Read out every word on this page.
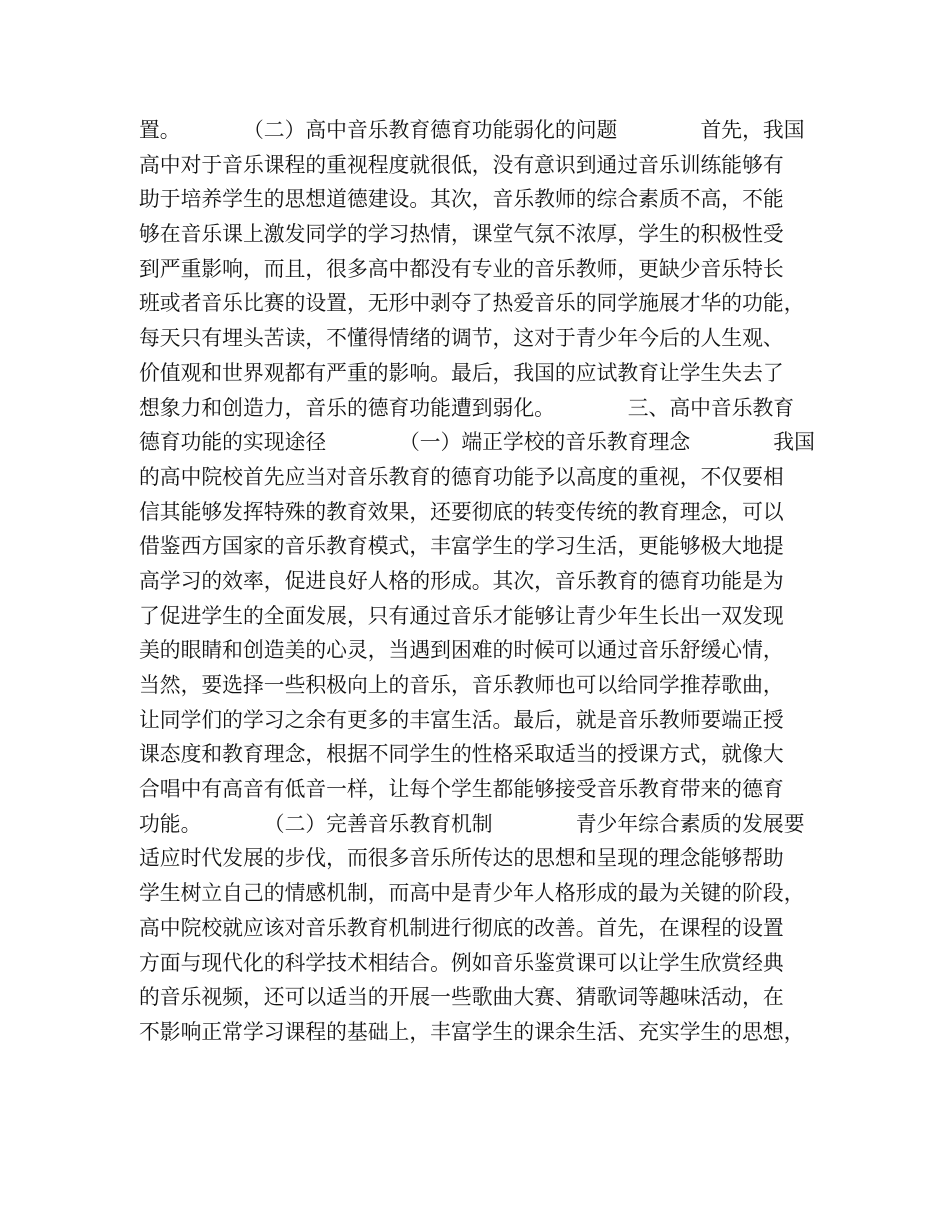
置。　　　　（二）高中音乐教育德育功能弱化的问题　　　　首先，我国
高中对于音乐课程的重视程度就很低，没有意识到通过音乐训练能够有
助于培养学生的思想道德建设。其次，音乐教师的综合素质不高，不能
够在音乐课上激发同学的学习热情，课堂气氛不浓厚，学生的积极性受
到严重影响，而且，很多高中都没有专业的音乐教师，更缺少音乐特长
班或者音乐比赛的设置，无形中剥夺了热爱音乐的同学施展才华的功能，
每天只有埋头苦读，不懂得情绪的调节，这对于青少年今后的人生观、
价值观和世界观都有严重的影响。最后，我国的应试教育让学生失去了
想象力和创造力，音乐的德育功能遭到弱化。　　　　三、高中音乐教育
德育功能的实现途径　　　　（一）端正学校的音乐教育理念　　　　我国
的高中院校首先应当对音乐教育的德育功能予以高度的重视，不仅要相
信其能够发挥特殊的教育效果，还要彻底的转变传统的教育理念，可以
借鉴西方国家的音乐教育模式，丰富学生的学习生活，更能够极大地提
高学习的效率，促进良好人格的形成。其次，音乐教育的德育功能是为
了促进学生的全面发展，只有通过音乐才能够让青少年生长出一双发现
美的眼睛和创造美的心灵，当遇到困难的时候可以通过音乐舒缓心情，
当然，要选择一些积极向上的音乐，音乐教师也可以给同学推荐歌曲，
让同学们的学习之余有更多的丰富生活。最后，就是音乐教师要端正授
课态度和教育理念，根据不同学生的性格采取适当的授课方式，就像大
合唱中有高音有低音一样，让每个学生都能够接受音乐教育带来的德育
功能。　　　　（二）完善音乐教育机制　　　　青少年综合素质的发展要
适应时代发展的步伐，而很多音乐所传达的思想和呈现的理念能够帮助
学生树立自己的情感机制，而高中是青少年人格形成的最为关键的阶段，
高中院校就应该对音乐教育机制进行彻底的改善。首先，在课程的设置
方面与现代化的科学技术相结合。例如音乐鉴赏课可以让学生欣赏经典
的音乐视频，还可以适当的开展一些歌曲大赛、猜歌词等趣味活动，在
不影响正常学习课程的基础上，丰富学生的课余生活、充实学生的思想，
